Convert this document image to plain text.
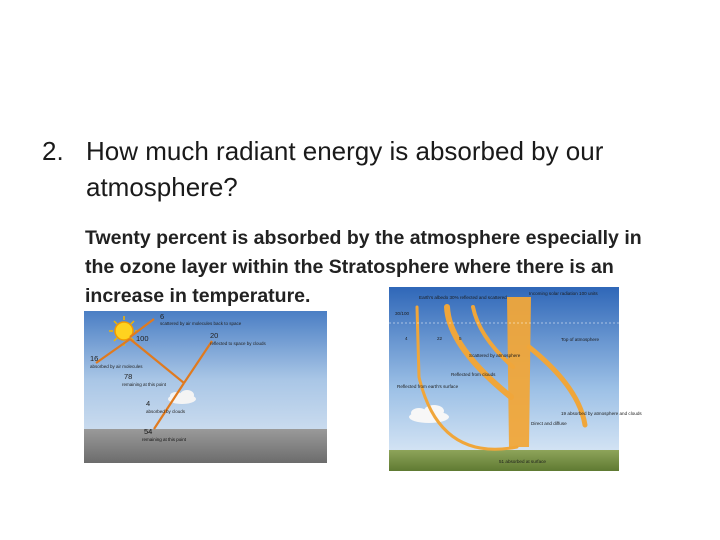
2. How much radiant energy is absorbed by our atmosphere?
Twenty percent is absorbed by the atmosphere especially in the ozone layer within the Stratosphere where there is an increase in temperature.
6
scattered by air molecules back to space
100	20
reflected to space by clouds
16
absorbed by air molecules
78
remaining at this point
4
absorbed by clouds
54
remaining at this point
Incoming solar radiation 100 units
Earth's albedo 30% reflected and scattered
30/100
4	22	5	Top of atmosphere
Scattered by atmosphere
Reflected from clouds
Reflected from earth's surface
19 absorbed by atmosphere and clouds
Direct and diffuse
51 absorbed at surface
